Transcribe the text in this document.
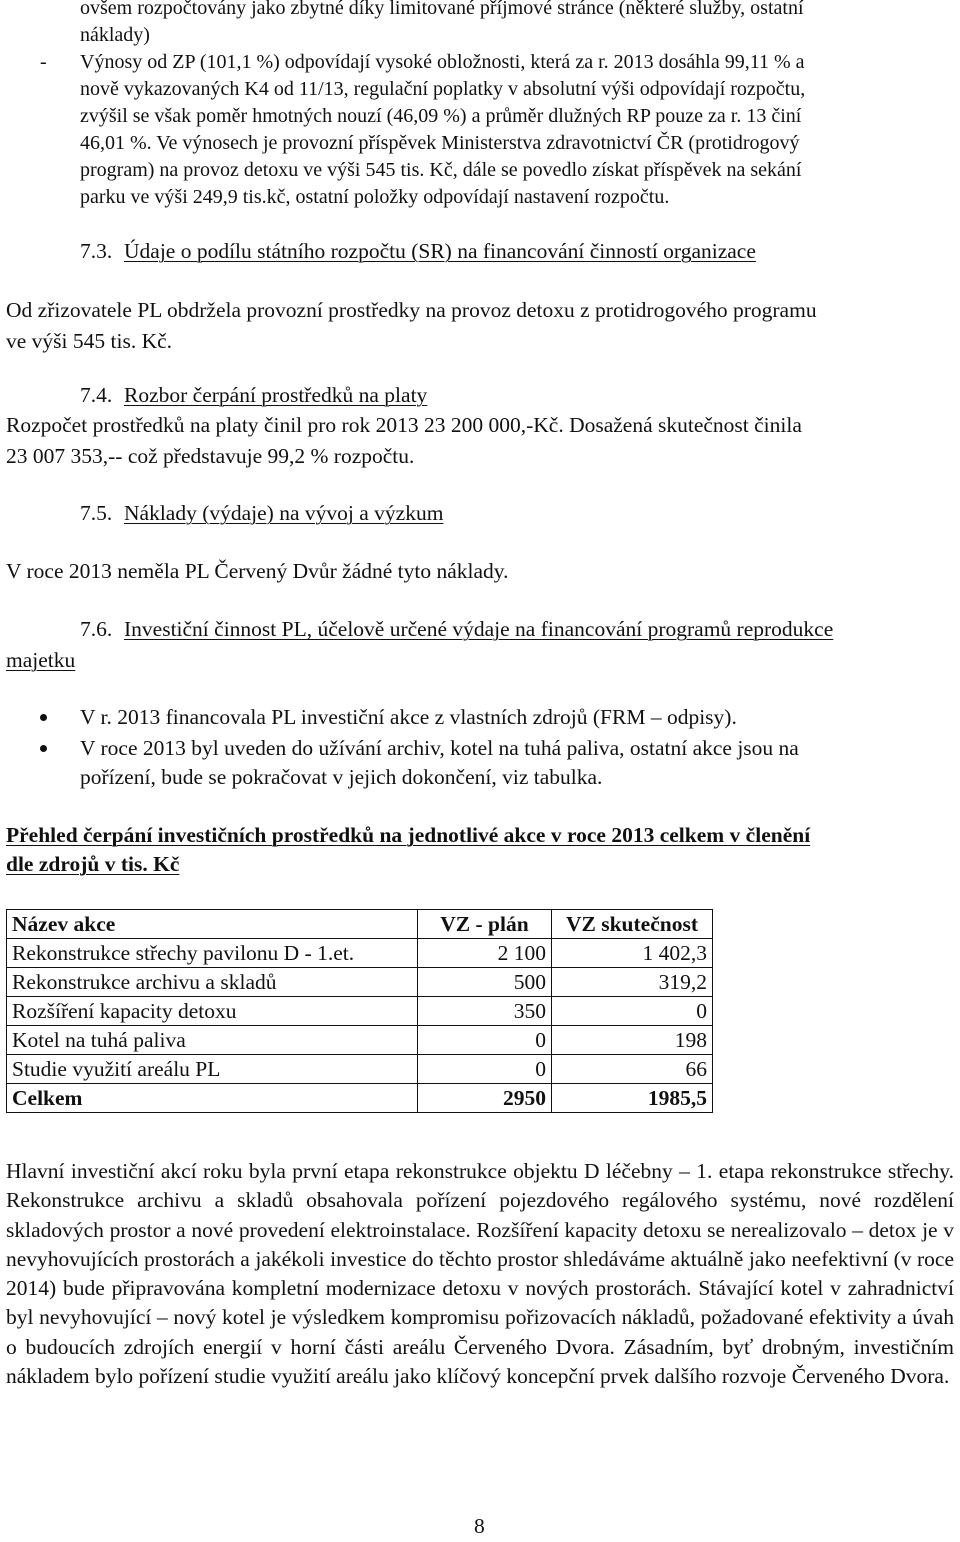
ovšem rozpočtovány jako zbytné díky limitované příjmové stránce (některé služby, ostatní
náklady)
- Výnosy od ZP (101,1 %) odpovídají vysoké obložnosti, která za r. 2013 dosáhla 99,11 % a
nově vykazovaných K4 od 11/13, regulační poplatky v absolutní výši odpovídají rozpočtu,
zvýšil se však poměr hmotných nouzí (46,09 %) a průměr dlužných RP pouze za r. 13 činí
46,01 %. Ve výnosech je provozní příspěvek Ministerstva zdravotnictví ČR (protidrogový
program) na provoz detoxu ve výši 545 tis. Kč, dále se povedlo získat příspěvek na sekání
parku ve výši 249,9 tis.kč, ostatní položky odpovídají nastavení rozpočtu.
7.3. Údaje o podílu státního rozpočtu (SR) na financování činností organizace
Od zřizovatele PL obdržela provozní prostředky na provoz detoxu z protidrogového programu
ve výši 545 tis. Kč.
7.4. Rozbor čerpání prostředků na platy
Rozpočet prostředků na platy činil pro rok 2013 23 200 000,-Kč. Dosažená skutečnost činila
23 007 353,-- což představuje 99,2 % rozpočtu.
7.5. Náklady (výdaje) na vývoj a výzkum
V roce 2013 neměla PL Červený Dvůr žádné tyto náklady.
7.6. Investiční činnost PL, účelově určené výdaje na financování programů reprodukce
majetku
V r. 2013 financovala PL investiční akce z vlastních zdrojů (FRM – odpisy).
V roce 2013 byl uveden do užívání archiv, kotel na tuhá paliva, ostatní akce jsou na
pořízení, bude se pokračovat v jejich dokončení, viz tabulka.
Přehled čerpání investičních prostředků na jednotlivé akce v roce 2013 celkem v členění
dle zdrojů v tis. Kč
Název akce	VZ - plán	VZ skutečnost
Rekonstrukce střechy pavilonu D - 1.et.	2 100	1 402,3
Rekonstrukce archivu a skladů	500	319,2
Rozšíření kapacity detoxu	350	0
Kotel na tuhá paliva	0	198
Studie využití areálu PL	0	66
Celkem	2950	1985,5
Hlavní investiční akcí roku byla první etapa rekonstrukce objektu D léčebny – 1. etapa rekonstrukce střechy. Rekonstrukce archivu a skladů obsahovala pořízení pojezdového regálového systému, nové rozdělení skladových prostor a nové provedení elektroinstalace. Rozšíření kapacity detoxu se nerealizovalo – detox je v nevyhovujících prostorách a jakékoli investice do těchto prostor shledáváme aktuálně jako neefektivní (v roce 2014) bude připravována kompletní modernizace detoxu v nových prostorách. Stávající kotel v zahradnictví byl nevyhovující – nový kotel je výsledkem kompromisu pořizovacích nákladů, požadované efektivity a úvah o budoucích zdrojích energií v horní části areálu Červeného Dvora. Zásadním, byť drobným, investičním nákladem bylo pořízení studie využití areálu jako klíčový koncepční prvek dalšího rozvoje Červeného Dvora.
8
